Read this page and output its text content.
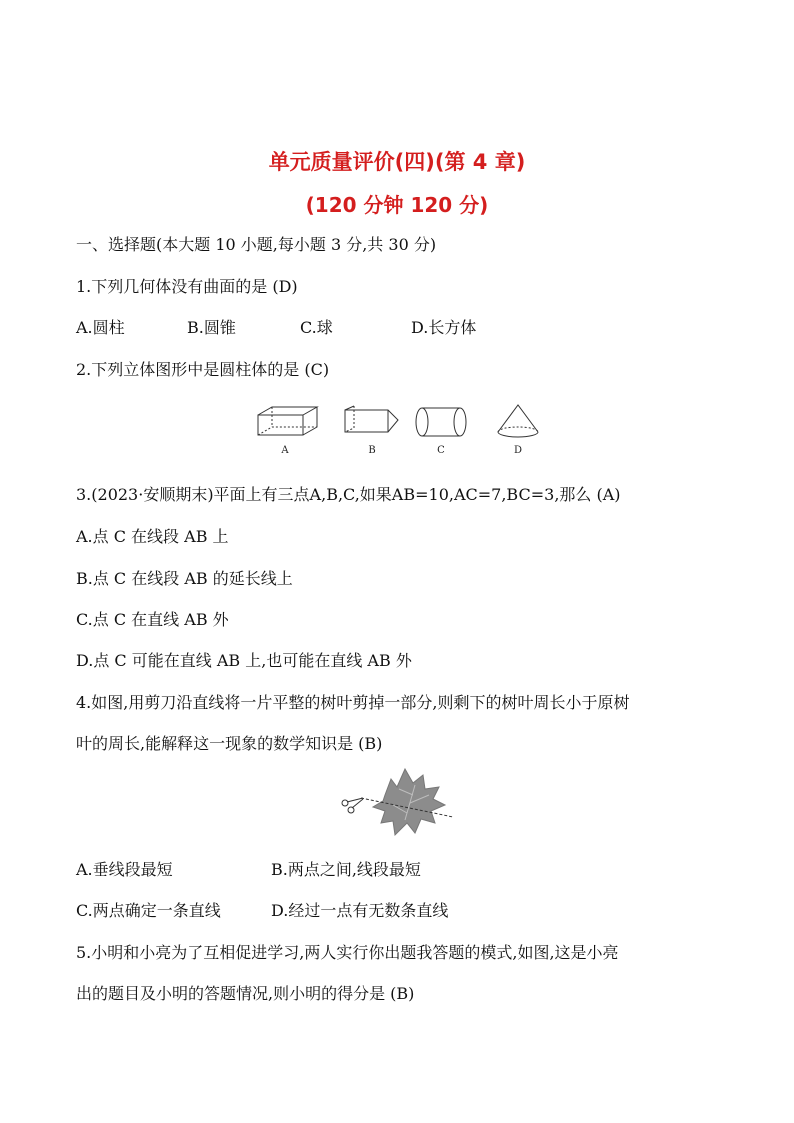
单元质量评价(四)(第 4 章)
(120 分钟 120 分)
一、选择题(本大题 10 小题,每小题 3 分,共 30 分)
1.下列几何体没有曲面的是 (D)
A.圆柱	B.圆锥	C.球	D.长方体
2.下列立体图形中是圆柱体的是 (C)
A	B	C	D
3.(2023·安顺期末)平面上有三点A,B,C,如果AB=10,AC=7,BC=3,那么 (A)
A.点 C 在线段 AB 上
B.点 C 在线段 AB 的延长线上
C.点 C 在直线 AB 外
D.点 C 可能在直线 AB 上,也可能在直线 AB 外
4.如图,用剪刀沿直线将一片平整的树叶剪掉一部分,则剩下的树叶周长小于原树
叶的周长,能解释这一现象的数学知识是 (B)
A.垂线段最短	B.两点之间,线段最短
C.两点确定一条直线	D.经过一点有无数条直线
5.小明和小亮为了互相促进学习,两人实行你出题我答题的模式,如图,这是小亮
出的题目及小明的答题情况,则小明的得分是 (B)
